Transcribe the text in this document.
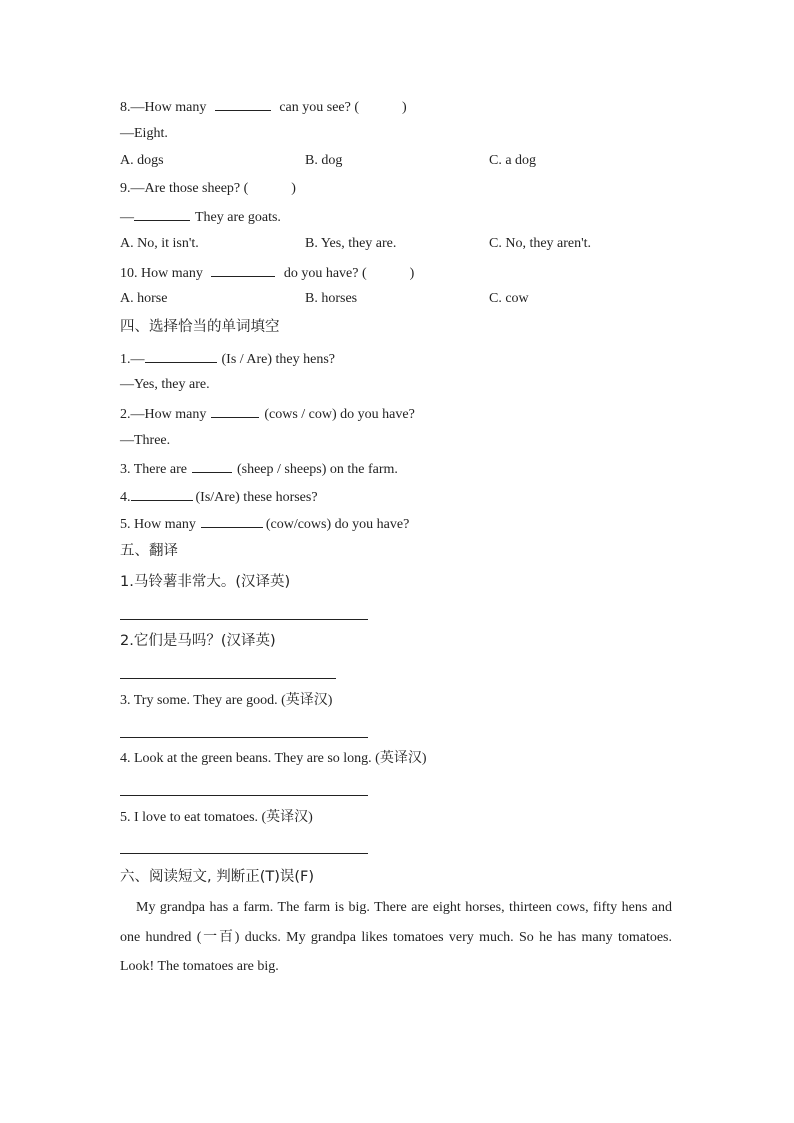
8.—How many	can you see? (	)
—Eight.
A. dogs	B. dog	C. a dog
9.—Are those sheep? (	)
—	They are goats.
A. No, it isn't.	B. Yes, they are.	C. No, they aren't.
10. How many	do you have? (	)
A. horse	B. horses	C. cow
四、选择恰当的单词填空
1.—	(Is / Are) they hens?
—Yes, they are.
2.—How many	(cows / cow) do you have?
—Three.
3. There are	(sheep / sheeps) on the farm.
4.	(Is/Are) these horses?
5. How many	(cow/cows) do you have?
五、翻译
1.马铃薯非常大。(汉译英)
2.它们是马吗？(汉译英)
3. Try some. They are good. (英译汉)
4. Look at the green beans. They are so long. (英译汉)
5. I love to eat tomatoes. (英译汉)
六、阅读短文, 判断正(T)误(F)
My grandpa has a farm. The farm is big. There are eight horses, thirteen cows, fifty hens and one hundred (一百) ducks. My grandpa likes tomatoes very much. So he has many tomatoes. Look! The tomatoes are big.
